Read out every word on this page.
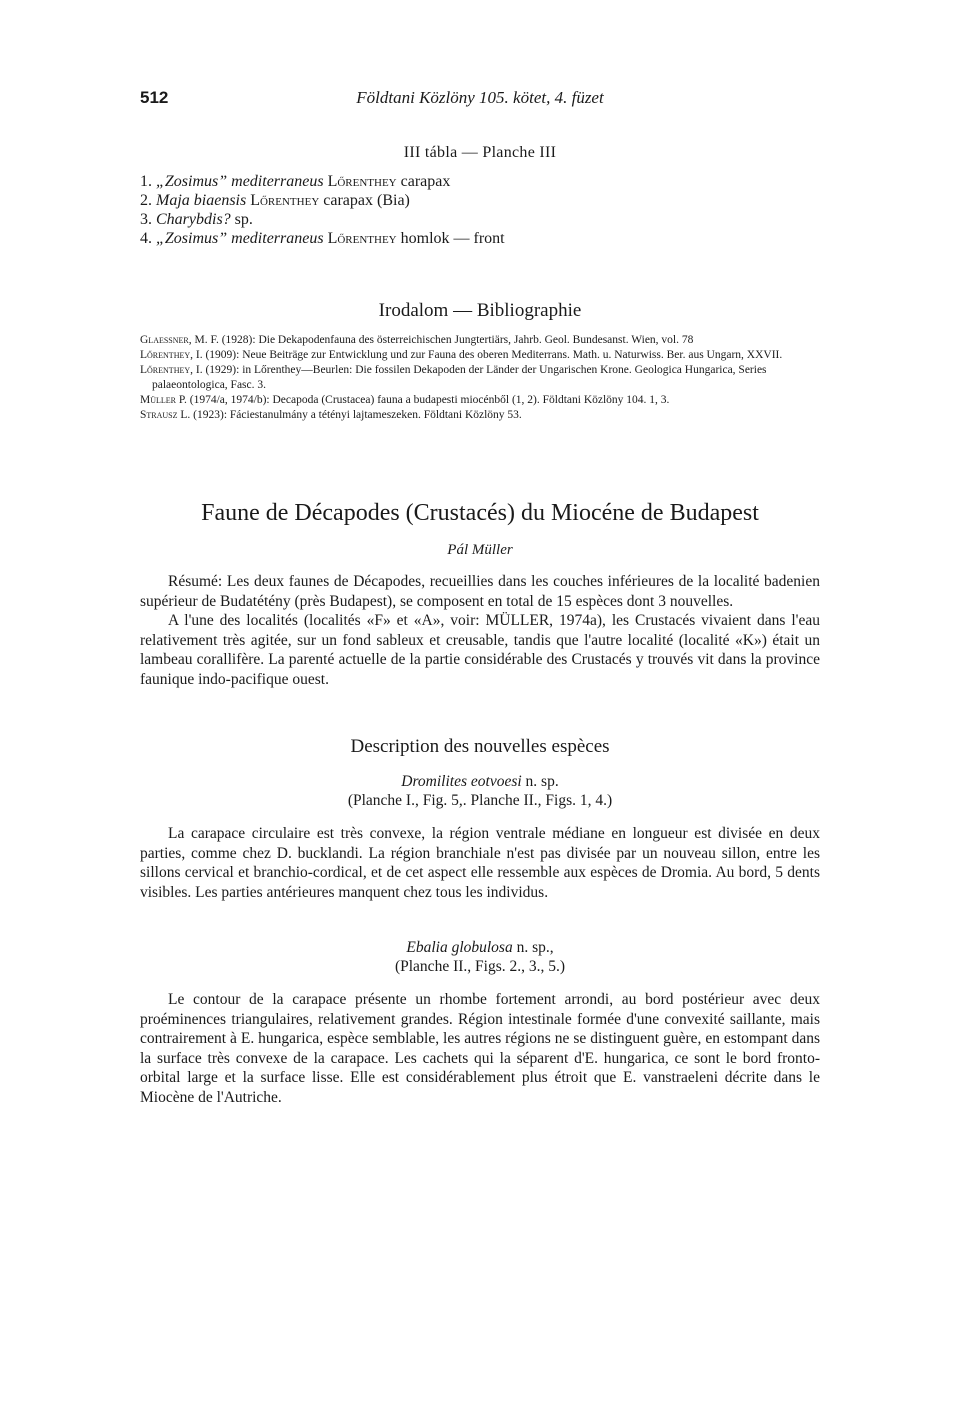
512	Földtani Közlöny 105. kötet, 4. füzet
III tábla — Planche III

1. „Zosimus” mediterraneus Lőrenthey carapax

2. Maja biaensis Lőrenthey carapax (Bia)

3. Charybdis? sp.

4. „Zosimus” mediterraneus Lőrenthey homlok — front

Irodalom — Bibliographie

Glaessner, M. F. (1928): Die Dekapodenfauna des österreichischen Jungtertiärs, Jahrb. Geol. Bundesanst. Wien, vol. 78

Lőrenthey, I. (1909): Neue Beiträge zur Entwicklung und zur Fauna des oberen Mediterrans. Math. u. Naturwiss. Ber. aus Ungarn, XXVII.

Lőrenthey, I. (1929): in Lőrenthey—Beurlen: Die fossilen Dekapoden der Länder der Ungarischen Krone. Geologica Hungarica, Series palaeontologica, Fasc. 3.

Müller P. (1974/a, 1974/b): Decapoda (Crustacea) fauna a budapesti miocénből (1, 2). Földtani Közlöny 104. 1, 3.

Strausz L. (1923): Fáciestanulmány a tétényi lajtameszeken. Földtani Közlöny 53.

Faune de Décapodes (Crustacés) du Miocéne de Budapest
Pál Müller

Résumé: Les deux faunes de Décapodes, recueillies dans les couches inférieures de la localité badenien supérieur de Budatétény (près Budapest), se composent en total de 15 espèces dont 3 nouvelles.

A l'une des localités (localités «F» et «A», voir: MÜLLER, 1974a), les Crustacés vivaient dans l'eau relativement très agitée, sur un fond sableux et creusable, tandis que l'autre localité (localité «K») était un lambeau corallifère. La parenté actuelle de la partie considérable des Crustacés y trouvés vit dans la province faunique indo-pacifique ouest.

Description des nouvelles espèces
Dromilites eotvoesi n. sp.
(Planche I., Fig. 5,. Planche II., Figs. 1, 4.)

La carapace circulaire est très convexe, la région ventrale médiane en longueur est divisée en deux parties, comme chez D. bucklandi. La région branchiale n'est pas divisée par un nouveau sillon, entre les sillons cervical et branchio-cordical, et de cet aspect elle ressemble aux espèces de Dromia. Au bord, 5 dents visibles. Les parties antérieures manquent chez tous les individus.

Ebalia globulosa n. sp.,
(Planche II., Figs. 2., 3., 5.)

Le contour de la carapace présente un rhombe fortement arrondi, au bord postérieur avec deux proéminences triangulaires, relativement grandes. Région intestinale formée d'une convexité saillante, mais contrairement à E. hungarica, espèce semblable, les autres régions ne se distinguent guère, en estompant dans la surface très convexe de la carapace. Les cachets qui la séparent d'E. hungarica, ce sont le bord fronto-orbital large et la surface lisse. Elle est considérablement plus étroit que E. vanstraeleni décrite dans le Miocène de l'Autriche.
